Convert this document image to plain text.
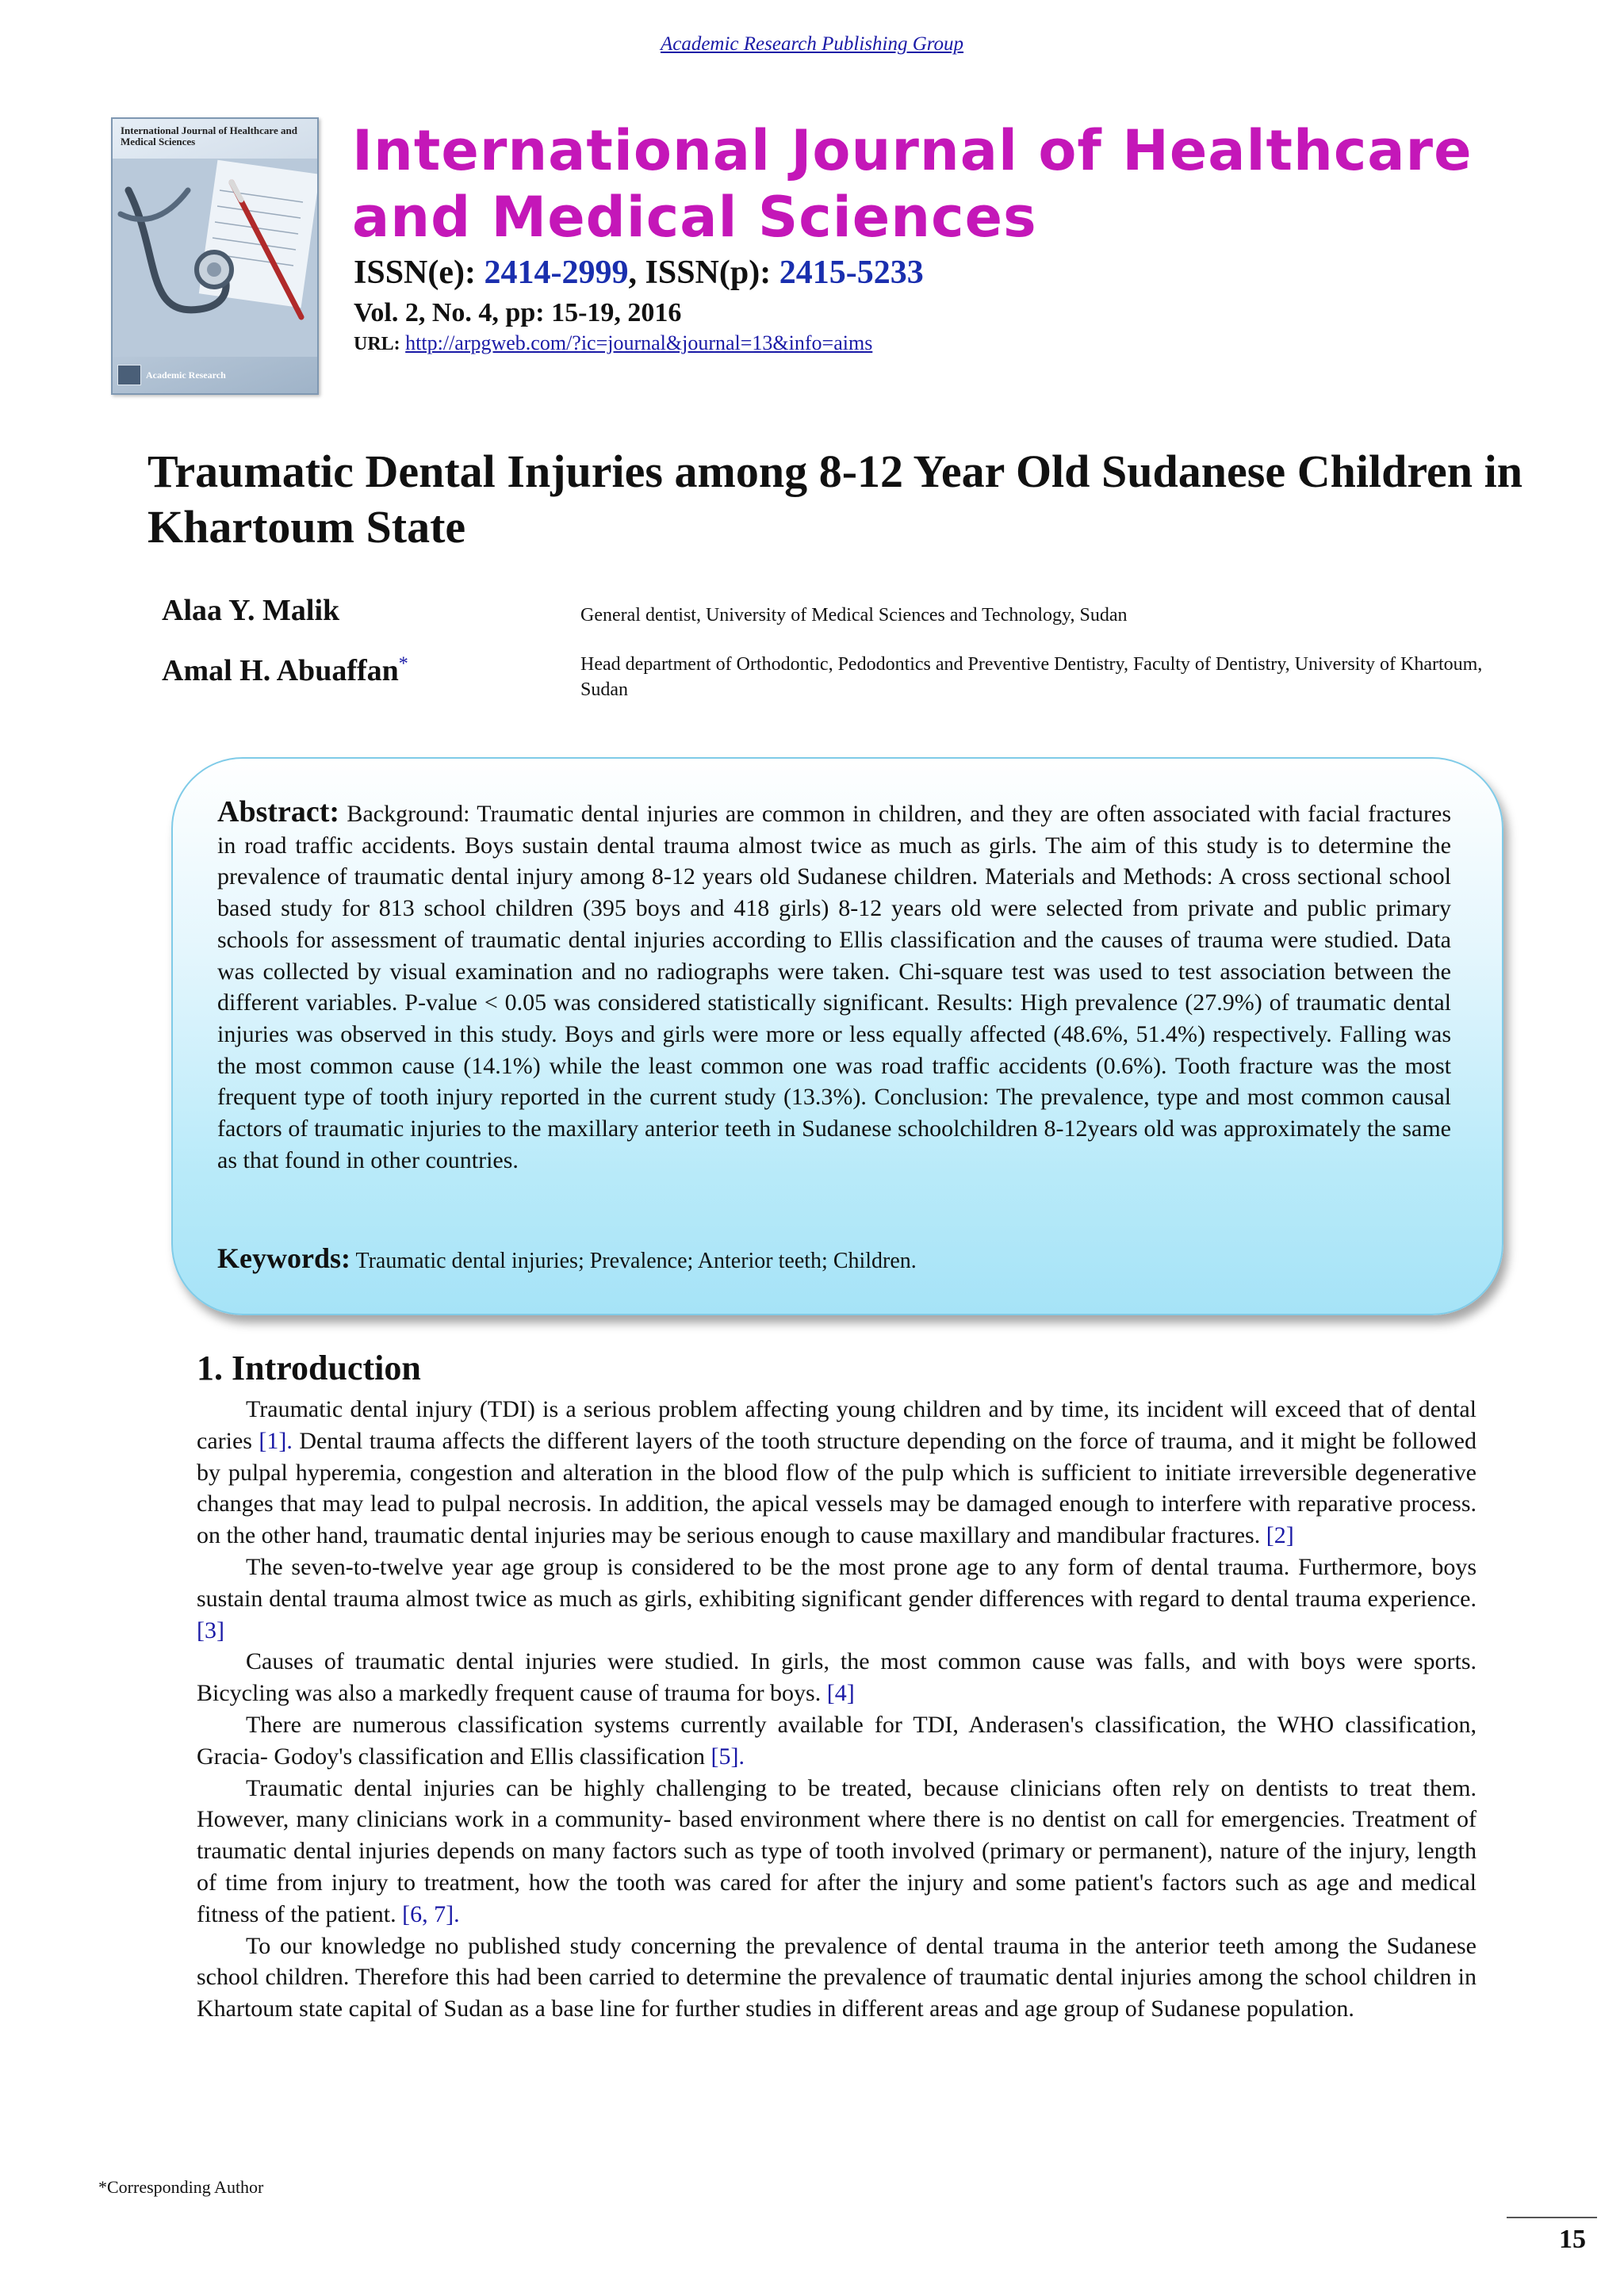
Academic Research Publishing Group
International Journal of Healthcare and Medical Sciences
Academic Research
International Journal of Healthcare and Medical Sciences
ISSN(e): 2414-2999, ISSN(p): 2415-5233
Vol. 2, No. 4, pp: 15-19, 2016
URL: http://arpgweb.com/?ic=journal&journal=13&info=aims
Traumatic Dental Injuries among 8-12 Year Old Sudanese Children in Khartoum State
Alaa Y. Malik	General dentist, University of Medical Sciences and Technology, Sudan
Amal H. Abuaffan*	Head department of Orthodontic, Pedodontics and Preventive Dentistry, Faculty of Dentistry, University of Khartoum, Sudan

Abstract: Background: Traumatic dental injuries are common in children, and they are often associated with facial fractures in road traffic accidents. Boys sustain dental trauma almost twice as much as girls. The aim of this study is to determine the prevalence of traumatic dental injury among 8-12 years old Sudanese children. Materials and Methods: A cross sectional school based study for 813 school children (395 boys and 418 girls) 8-12 years old were selected from private and public primary schools for assessment of traumatic dental injuries according to Ellis classification and the causes of trauma were studied. Data was collected by visual examination and no radiographs were taken. Chi-square test was used to test association between the different variables. P-value < 0.05 was considered statistically significant. Results: High prevalence (27.9%) of traumatic dental injuries was observed in this study. Boys and girls were more or less equally affected (48.6%, 51.4%) respectively. Falling was the most common cause (14.1%) while the least common one was road traffic accidents (0.6%). Tooth fracture was the most frequent type of tooth injury reported in the current study (13.3%). Conclusion: The prevalence, type and most common causal factors of traumatic injuries to the maxillary anterior teeth in Sudanese schoolchildren 8-12years old was approximately the same as that found in other countries.

Keywords: Traumatic dental injuries; Prevalence; Anterior teeth; Children.

1. Introduction

Traumatic dental injury (TDI) is a serious problem affecting young children and by time, its incident will exceed that of dental caries [1]. Dental trauma affects the different layers of the tooth structure depending on the force of trauma, and it might be followed by pulpal hyperemia, congestion and alteration in the blood flow of the pulp which is sufficient to initiate irreversible degenerative changes that may lead to pulpal necrosis. In addition, the apical vessels may be damaged enough to interfere with reparative process. on the other hand, traumatic dental injuries may be serious enough to cause maxillary and mandibular fractures. [2]

The seven-to-twelve year age group is considered to be the most prone age to any form of dental trauma. Furthermore, boys sustain dental trauma almost twice as much as girls, exhibiting significant gender differences with regard to dental trauma experience. [3]

Causes of traumatic dental injuries were studied. In girls, the most common cause was falls, and with boys were sports. Bicycling was also a markedly frequent cause of trauma for boys. [4]

There are numerous classification systems currently available for TDI, Anderasen's classification, the WHO classification, Gracia- Godoy's classification and Ellis classification [5].

Traumatic dental injuries can be highly challenging to be treated, because clinicians often rely on dentists to treat them. However, many clinicians work in a community- based environment where there is no dentist on call for emergencies. Treatment of traumatic dental injuries depends on many factors such as type of tooth involved (primary or permanent), nature of the injury, length of time from injury to treatment, how the tooth was cared for after the injury and some patient's factors such as age and medical fitness of the patient. [6, 7].

To our knowledge no published study concerning the prevalence of dental trauma in the anterior teeth among the Sudanese school children. Therefore this had been carried to determine the prevalence of traumatic dental injuries among the school children in Khartoum state capital of Sudan as a base line for further studies in different areas and age group of Sudanese population.

*Corresponding Author
15
